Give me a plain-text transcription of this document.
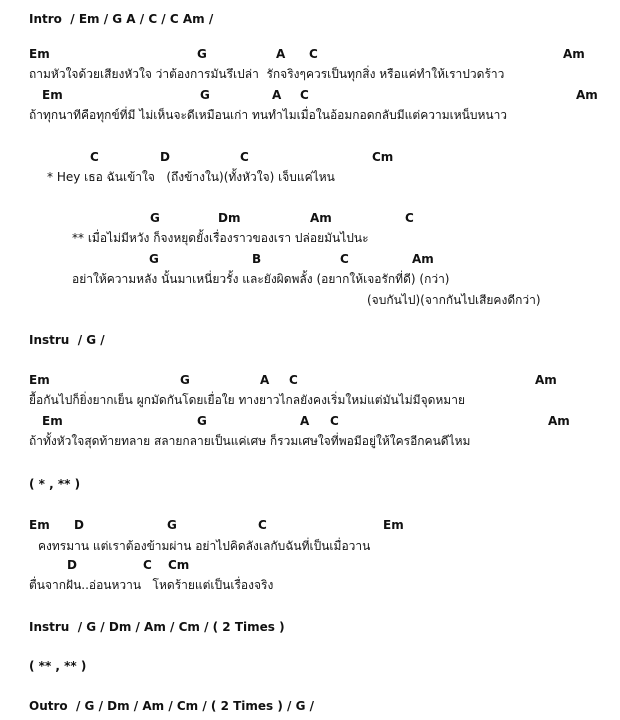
Intro  / Em / G A / C / C Am /
Em	G	A C	Am
ถามหัวใจด้วยเสียงหัวใจ ว่าต้องการมันรึเปล่า  รักจริงๆควรเป็นทุกสิ่ง หรือแค่ทำให้เราปวดร้าว
Em	G	A C	Am
ถ้าทุกนาทีคือทุกข์ที่มี ไม่เห็นจะดีเหมือนเก่า ทนทำไมเมื่อในอ้อมกอดกลับมีแต่ความเหน็บหนาว
C	D	C	Cm
* Hey เธอ ฉันเข้าใจ   (ถึงข้างใน)(ทั้งหัวใจ) เจ็บแค่ไหน
G	Dm	Am	C
** เมื่อไม่มีหวัง ก็จงหยุดยั้งเรื่องราวของเรา ปล่อยมันไปนะ
G	B	C	Am
อย่าให้ความหลัง นั้นมาเหนี่ยวรั้ง และยังผิดพลั้ง (อยากให้เจอรักที่ดี) (กว่า)
(จบกันไป)(จากกันไปเสียคงดีกว่า)
Instru  / G /
Em	G	A C	Am
ยื้อกันไปก็ยิ่งยากเย็น ผูกมัดกันโดยเยื่อใย ทางยาวไกลยังคงเริ่มใหม่แต่มันไม่มีจุดหมาย
Em	G	A C	Am
ถ้าทั้งหัวใจสุดท้ายทลาย สลายกลายเป็นแค่เศษ ก็รวมเศษใจที่พอมีอยู่ให้ใครอีกคนดีไหม
( * , ** )
Em D	G	C	Em
คงทรมาน แต่เราต้องข้ามผ่าน อย่าไปคิดลังเลกับฉันที่เป็นเมื่อวาน
D	C Cm
ตื่นจากฝัน..อ่อนหวาน   โหดร้ายแต่เป็นเรื่องจริง
Instru  / G / Dm / Am / Cm / ( 2 Times )
( ** , ** )
Outro  / G / Dm / Am / Cm / ( 2 Times ) / G /
